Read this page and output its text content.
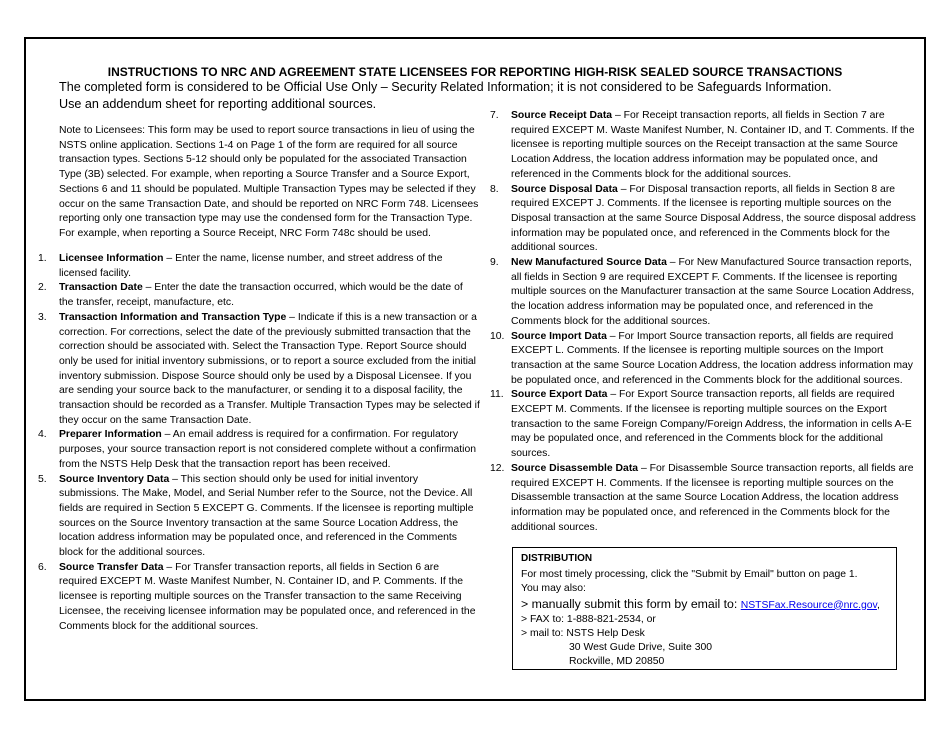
INSTRUCTIONS TO NRC AND AGREEMENT STATE LICENSEES FOR REPORTING HIGH-RISK SEALED SOURCE TRANSACTIONS
The completed form is considered to be Official Use Only – Security Related Information; it is not considered to be Safeguards Information.
Use an addendum sheet for reporting additional sources.
Note to Licensees: This form may be used to report source transactions in lieu of using the NSTS online application. Sections 1-4 on Page 1 of the form are required for all source transaction types. Sections 5-12 should only be populated for the associated Transaction Type (3B) selected. For example, when reporting a Source Transfer and a Source Export, Sections 6 and 11 should be populated. Multiple Transaction Types may be selected if they occur on the same Transaction Date, and should be reported on NRC Form 748. Licensees reporting only one transaction type may use the condensed form for the Transaction Type. For example, when reporting a Source Receipt, NRC Form 748c should be used.
1. Licensee Information – Enter the name, license number, and street address of the licensed facility.
2. Transaction Date – Enter the date the transaction occurred, which would be the date of the transfer, receipt, manufacture, etc.
3. Transaction Information and Transaction Type – Indicate if this is a new transaction or a correction. For corrections, select the date of the previously submitted transaction that the correction should be associated with. Select the Transaction Type. Report Source should only be used for initial inventory submissions, or to report a source excluded from the initial inventory submission. Dispose Source should only be used by a Disposal Licensee. If you are sending your source back to the manufacturer, or sending it to a disposal facility, the transaction should be recorded as a Transfer. Multiple Transaction Types may be selected if they occur on the same Transaction Date.
4. Preparer Information – An email address is required for a confirmation. For regulatory purposes, your source transaction report is not considered complete without a confirmation from the NSTS Help Desk that the transaction report has been received.
5. Source Inventory Data – This section should only be used for initial inventory submissions. The Make, Model, and Serial Number refer to the Source, not the Device. All fields are required in Section 5 EXCEPT G. Comments. If the licensee is reporting multiple sources on the Source Inventory transaction at the same Source Location Address, the location address information may be populated once, and referenced in the Comments block for the additional sources.
6. Source Transfer Data – For Transfer transaction reports, all fields in Section 6 are required EXCEPT M. Waste Manifest Number, N. Container ID, and P. Comments. If the licensee is reporting multiple sources on the Transfer transaction to the same Receiving Licensee, the receiving licensee information may be populated once, and referenced in the Comments block for the additional sources.
7. Source Receipt Data – For Receipt transaction reports, all fields in Section 7 are required EXCEPT M. Waste Manifest Number, N. Container ID, and T. Comments. If the licensee is reporting multiple sources on the Receipt transaction at the same Source Location Address, the location address information may be populated once, and referenced in the Comments block for the additional sources.
8. Source Disposal Data – For Disposal transaction reports, all fields in Section 8 are required EXCEPT J. Comments. If the licensee is reporting multiple sources on the Disposal transaction at the same Source Disposal Address, the source disposal address information may be populated once, and referenced in the Comments block for the additional sources.
9. New Manufactured Source Data – For New Manufactured Source transaction reports, all fields in Section 9 are required EXCEPT F. Comments. If the licensee is reporting multiple sources on the Manufacturer transaction at the same Source Location Address, the location address information may be populated once, and referenced in the Comments block for the additional sources.
10. Source Import Data – For Import Source transaction reports, all fields are required EXCEPT L. Comments. If the licensee is reporting multiple sources on the Import transaction at the same Source Location Address, the location address information may be populated once, and referenced in the Comments block for the additional sources.
11. Source Export Data – For Export Source transaction reports, all fields are required EXCEPT M. Comments. If the licensee is reporting multiple sources on the Export transaction to the same Foreign Company/Foreign Address, the information in cells A-E may be populated once, and referenced in the Comments block for the additional sources.
12. Source Disassemble Data – For Disassemble Source transaction reports, all fields are required EXCEPT H. Comments. If the licensee is reporting multiple sources on the Disassemble transaction at the same Source Location Address, the location address information may be populated once, and referenced in the Comments block for the additional sources.
DISTRIBUTION
For most timely processing, click the "Submit by Email" button on page 1.
You may also:
> manually submit this form by email to: NSTSFax.Resource@nrc.gov,
> FAX to: 1-888-821-2534, or
> mail to: NSTS Help Desk
30 West Gude Drive, Suite 300
Rockville, MD 20850
